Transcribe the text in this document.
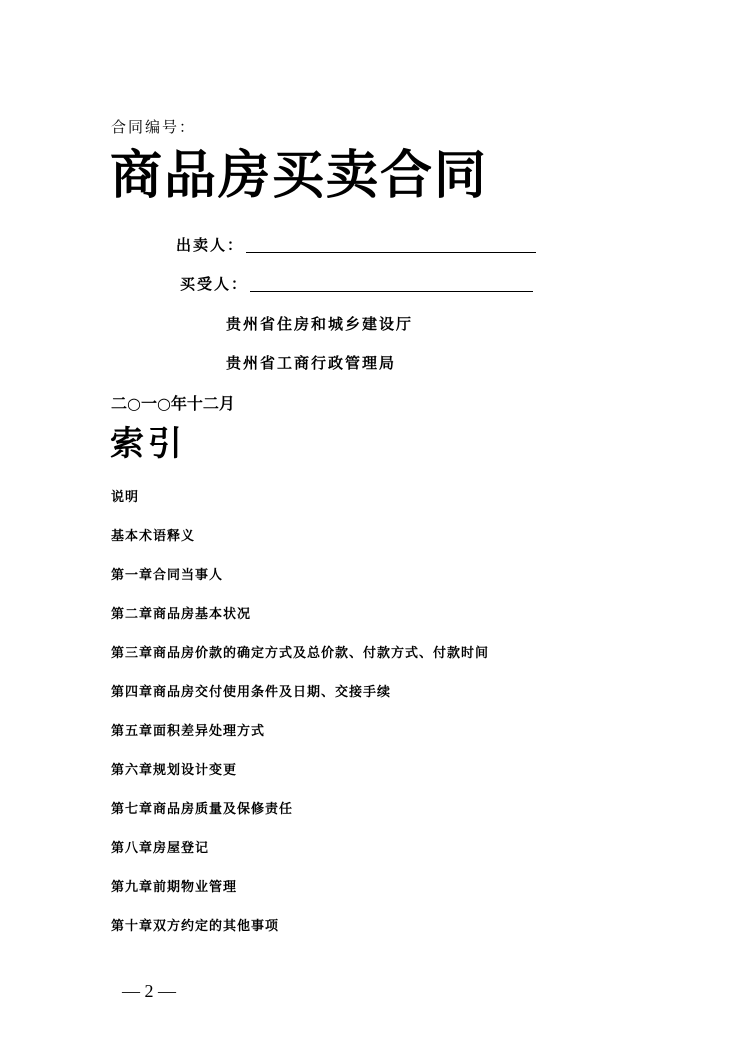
合同编号：
商品房买卖合同
出卖人：
买受人：
贵州省住房和城乡建设厅
贵州省工商行政管理局
二○一○年十二月
索引
说明
基本术语释义
第一章合同当事人
第二章商品房基本状况
第三章商品房价款的确定方式及总价款、付款方式、付款时间
第四章商品房交付使用条件及日期、交接手续
第五章面积差异处理方式
第六章规划设计变更
第七章商品房质量及保修责任
第八章房屋登记
第九章前期物业管理
第十章双方约定的其他事项
— 2 —
